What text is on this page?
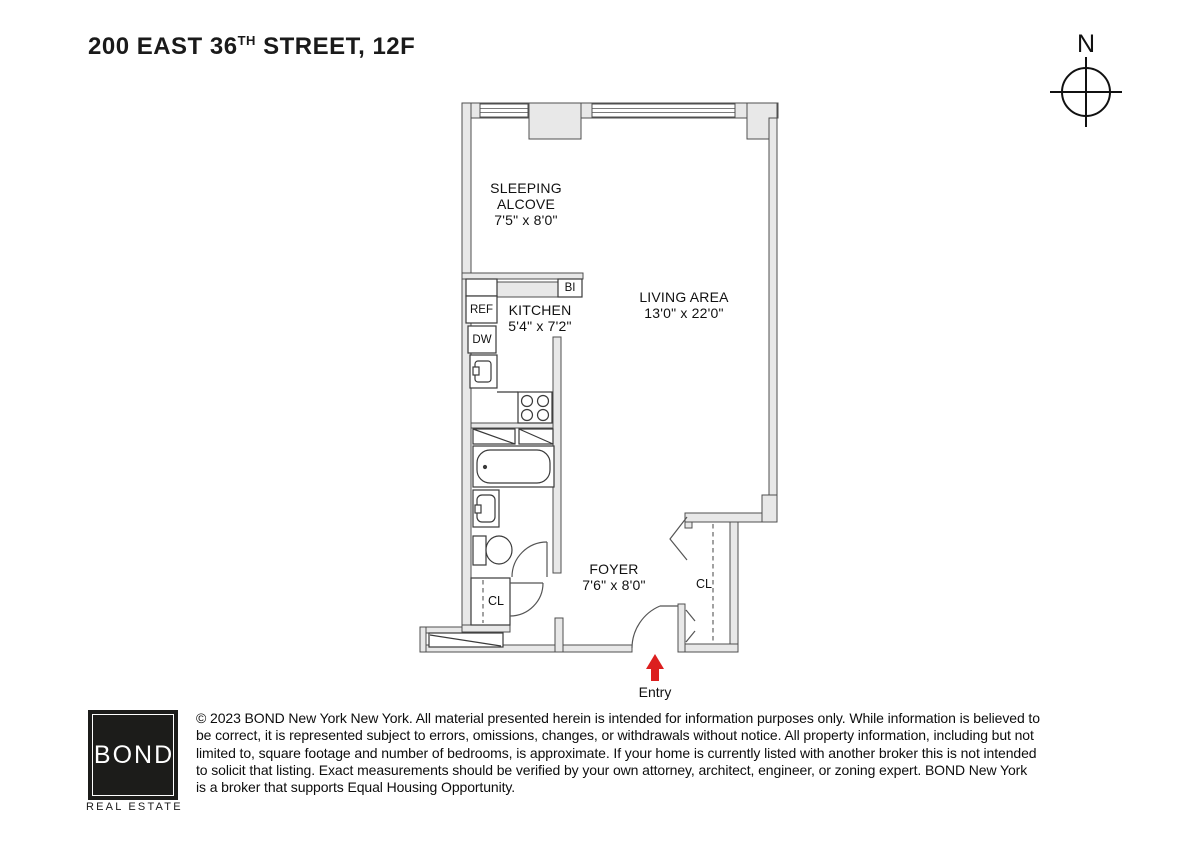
200 EAST 36TH STREET, 12F	N
SLEEPING
ALCOVE
7'5" x 8'0"
LIVING AREA
13'0" x 22'0"
KITCHEN
5'4" x 7'2"
FOYER
7'6" x 8'0"
REF
DW
BI
CL
CL
Entry
BOND
REAL ESTATE
© 2023 BOND New York New York. All material presented herein is intended for information purposes only. While information is believed to
be correct, it is represented subject to errors, omissions, changes, or withdrawals without notice. All property information, including but not
limited to, square footage and number of bedrooms, is approximate. If your home is currently listed with another broker this is not intended
to solicit that listing. Exact measurements should be verified by your own attorney, architect, engineer, or zoning expert. BOND New York
is a broker that supports Equal Housing Opportunity.
